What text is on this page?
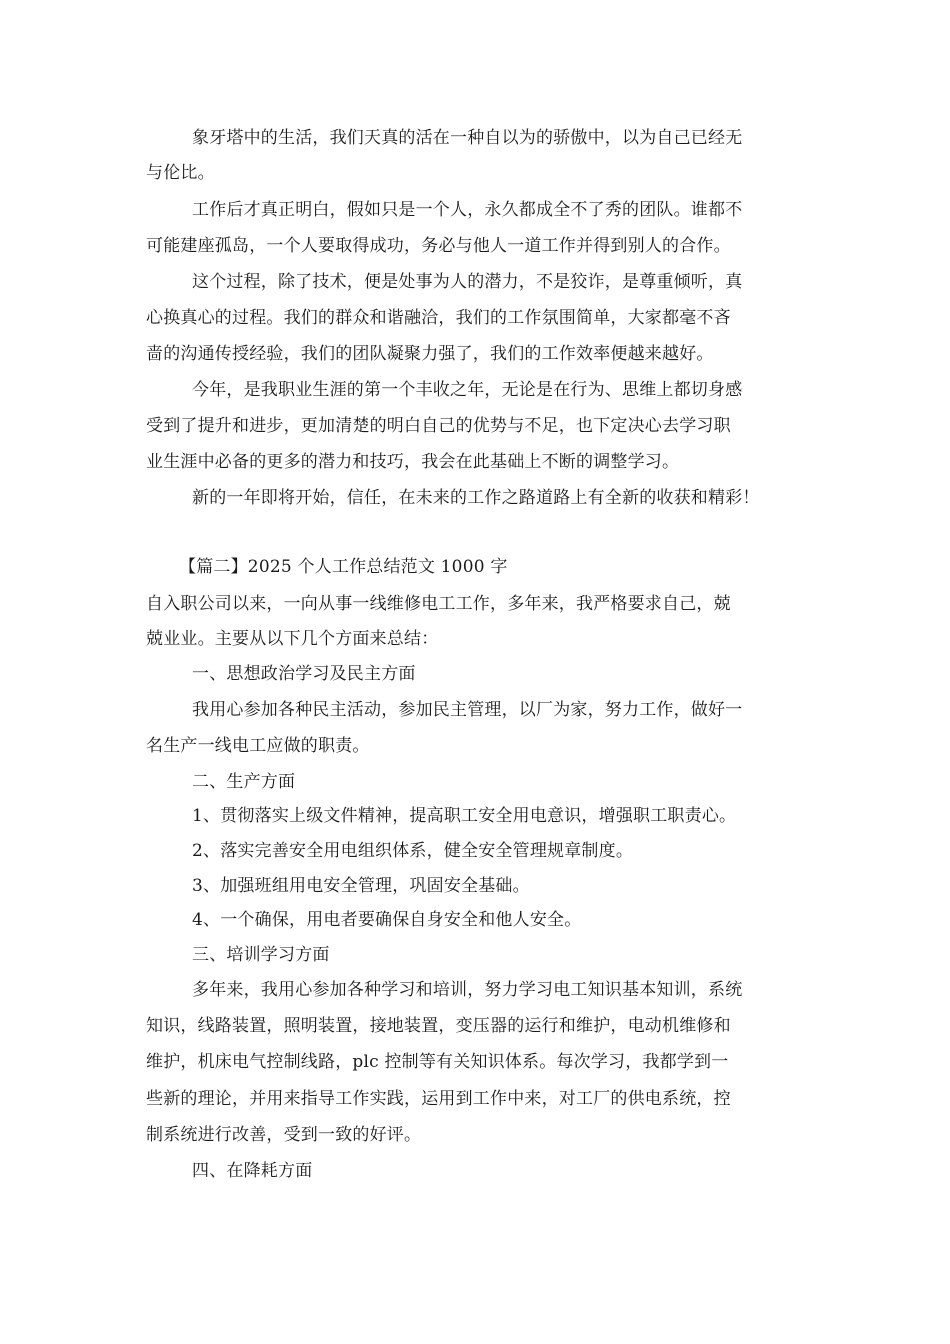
象牙塔中的生活，我们天真的活在一种自以为的骄傲中，以为自己已经无
与伦比。
工作后才真正明白，假如只是一个人，永久都成全不了秀的团队。谁都不
可能建座孤岛，一个人要取得成功，务必与他人一道工作并得到别人的合作。
这个过程，除了技术，便是处事为人的潜力，不是狡诈，是尊重倾听，真
心换真心的过程。我们的群众和谐融洽，我们的工作氛围简单，大家都毫不吝
啬的沟通传授经验，我们的团队凝聚力强了，我们的工作效率便越来越好。
今年，是我职业生涯的第一个丰收之年，无论是在行为、思维上都切身感
受到了提升和进步，更加清楚的明白自己的优势与不足，也下定决心去学习职
业生涯中必备的更多的潜力和技巧，我会在此基础上不断的调整学习。
新的一年即将开始，信任，在未来的工作之路道路上有全新的收获和精彩！
【篇二】2025 个人工作总结范文 1000 字
自入职公司以来，一向从事一线维修电工工作，多年来，我严格要求自己，兢
兢业业。主要从以下几个方面来总结：
一、思想政治学习及民主方面
我用心参加各种民主活动，参加民主管理，以厂为家，努力工作，做好一
名生产一线电工应做的职责。
二、生产方面
1、贯彻落实上级文件精神，提高职工安全用电意识，增强职工职责心。
2、落实完善安全用电组织体系，健全安全管理规章制度。
3、加强班组用电安全管理，巩固安全基础。
4、一个确保，用电者要确保自身安全和他人安全。
三、培训学习方面
多年来，我用心参加各种学习和培训，努力学习电工知识基本知训，系统
知识，线路装置，照明装置，接地装置，变压器的运行和维护，电动机维修和
维护，机床电气控制线路，plc 控制等有关知识体系。每次学习，我都学到一
些新的理论，并用来指导工作实践，运用到工作中来，对工厂的供电系统，控
制系统进行改善，受到一致的好评。
四、在降耗方面
